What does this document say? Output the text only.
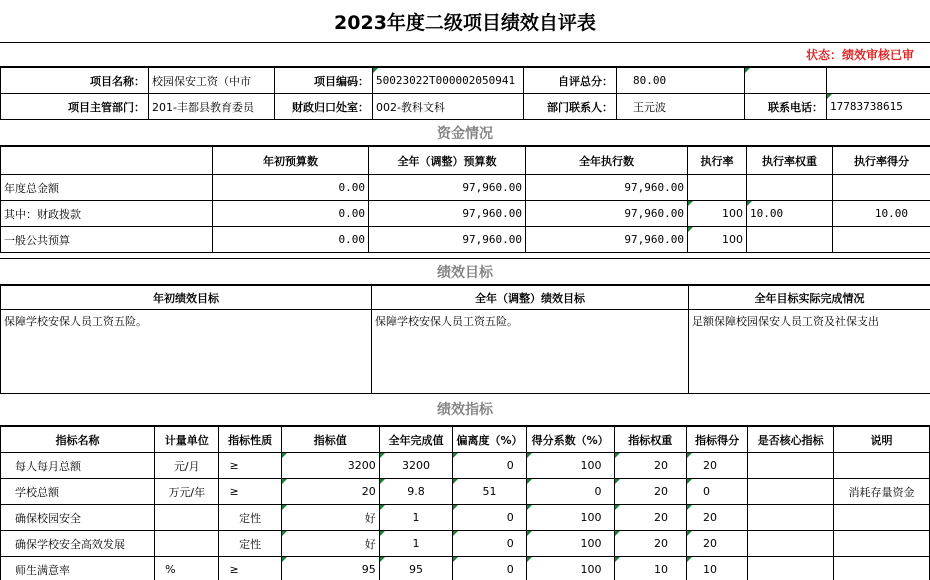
2023年度二级项目绩效自评表
状态：绩效审核已审
项目名称：	校园保安工资（中市	项目编码：	50023022T000002050941	自评总分：	80.00		
项目主管部门：	201-丰都县教育委员	财政归口处室：	002-教科文科	部门联系人：	王元波	联系电话：	17783738615
资金情况
	年初预算数	全年（调整）预算数	全年执行数	执行率	执行率权重	执行率得分
年度总金额	0.00	97,960.00	97,960.00			
其中：财政拨款	0.00	97,960.00	97,960.00	100	10.00	10.00
一般公共预算	0.00	97,960.00	97,960.00	100		
绩效目标
年初绩效目标	全年（调整）绩效目标	全年目标实际完成情况
保障学校安保人员工资五险。	保障学校安保人员工资五险。	足额保障校园保安人员工资及社保支出
绩效指标
指标名称	计量单位	指标性质	指标值	全年完成值	偏离度（%）	得分系数（%）	指标权重	指标得分	是否核心指标	说明
每人每月总额	元/月	≥	3200	3200	0	100	20	20		
学校总额	万元/年	≥	20	9.8	51	0	20	0		消耗存量资金
确保校园安全		定性	好	1	0	100	20	20		
确保学校安全高效发展		定性	好	1	0	100	20	20		
师生满意率	%	≥	95	95	0	100	10	10		
